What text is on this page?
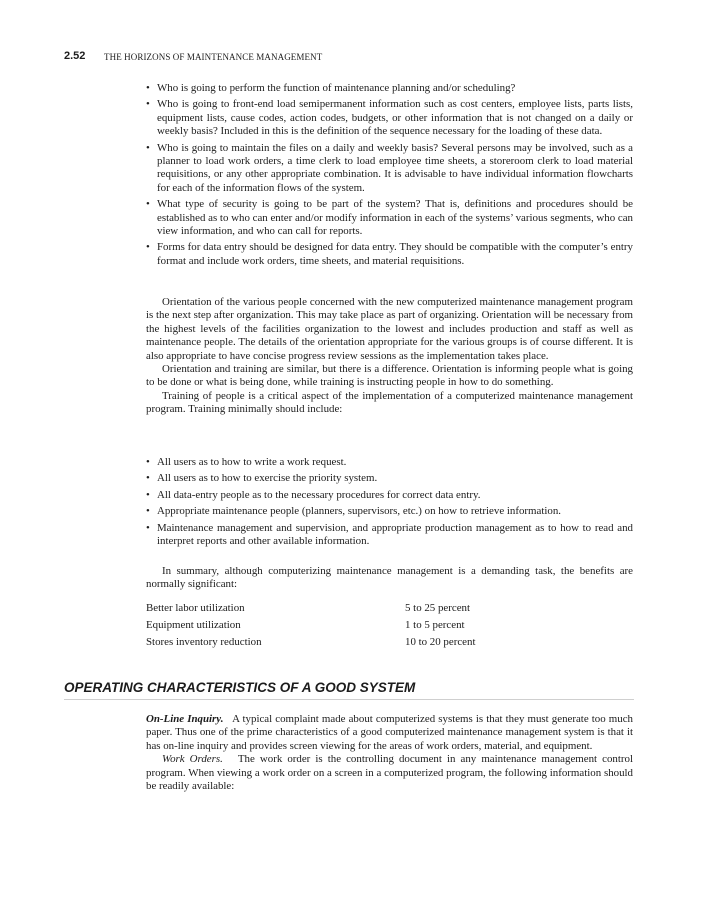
2.52 THE HORIZONS OF MAINTENANCE MANAGEMENT
• Who is going to perform the function of maintenance planning and/or scheduling?
• Who is going to front-end load semipermanent information such as cost centers, employee lists, parts lists, equipment lists, cause codes, action codes, budgets, or other information that is not changed on a daily or weekly basis? Included in this is the definition of the sequence necessary for the loading of these data.
• Who is going to maintain the files on a daily and weekly basis? Several persons may be involved, such as a planner to load work orders, a time clerk to load employee time sheets, a storeroom clerk to load material requisitions, or any other appropriate combination. It is advisable to have individual information flowcharts for each of the information flows of the system.
• What type of security is going to be part of the system? That is, definitions and procedures should be established as to who can enter and/or modify information in each of the systems’ various segments, who can view information, and who can call for reports.
• Forms for data entry should be designed for data entry. They should be compatible with the computer’s entry format and include work orders, time sheets, and material requisitions.

Orientation of the various people concerned with the new computerized maintenance management program is the next step after organization. This may take place as part of organizing. Orientation will be necessary from the highest levels of the facilities organization to the lowest and includes production and staff as well as maintenance people. The details of the orientation appropriate for the various groups is of course different. It is also appropriate to have concise progress review sessions as the implementation takes place.

Orientation and training are similar, but there is a difference. Orientation is informing people what is going to be done or what is being done, while training is instructing people in how to do something.

Training of people is a critical aspect of the implementation of a computerized maintenance management program. Training minimally should include:

• All users as to how to write a work request.
• All users as to how to exercise the priority system.
• All data-entry people as to the necessary procedures for correct data entry.
• Appropriate maintenance people (planners, supervisors, etc.) on how to retrieve information.
• Maintenance management and supervision, and appropriate production management as to how to read and interpret reports and other available information.

In summary, although computerizing maintenance management is a demanding task, the benefits are normally significant:

Better labor utilization	5 to 25 percent
Equipment utilization	1 to 5 percent
Stores inventory reduction	10 to 20 percent
OPERATING CHARACTERISTICS OF A GOOD SYSTEM

On-Line Inquiry. A typical complaint made about computerized systems is that they must generate too much paper. Thus one of the prime characteristics of a good computerized maintenance management system is that it has on-line inquiry and provides screen viewing for the areas of work orders, material, and equipment.

Work Orders. The work order is the controlling document in any maintenance management control program. When viewing a work order on a screen in a computerized program, the following information should be readily available:
